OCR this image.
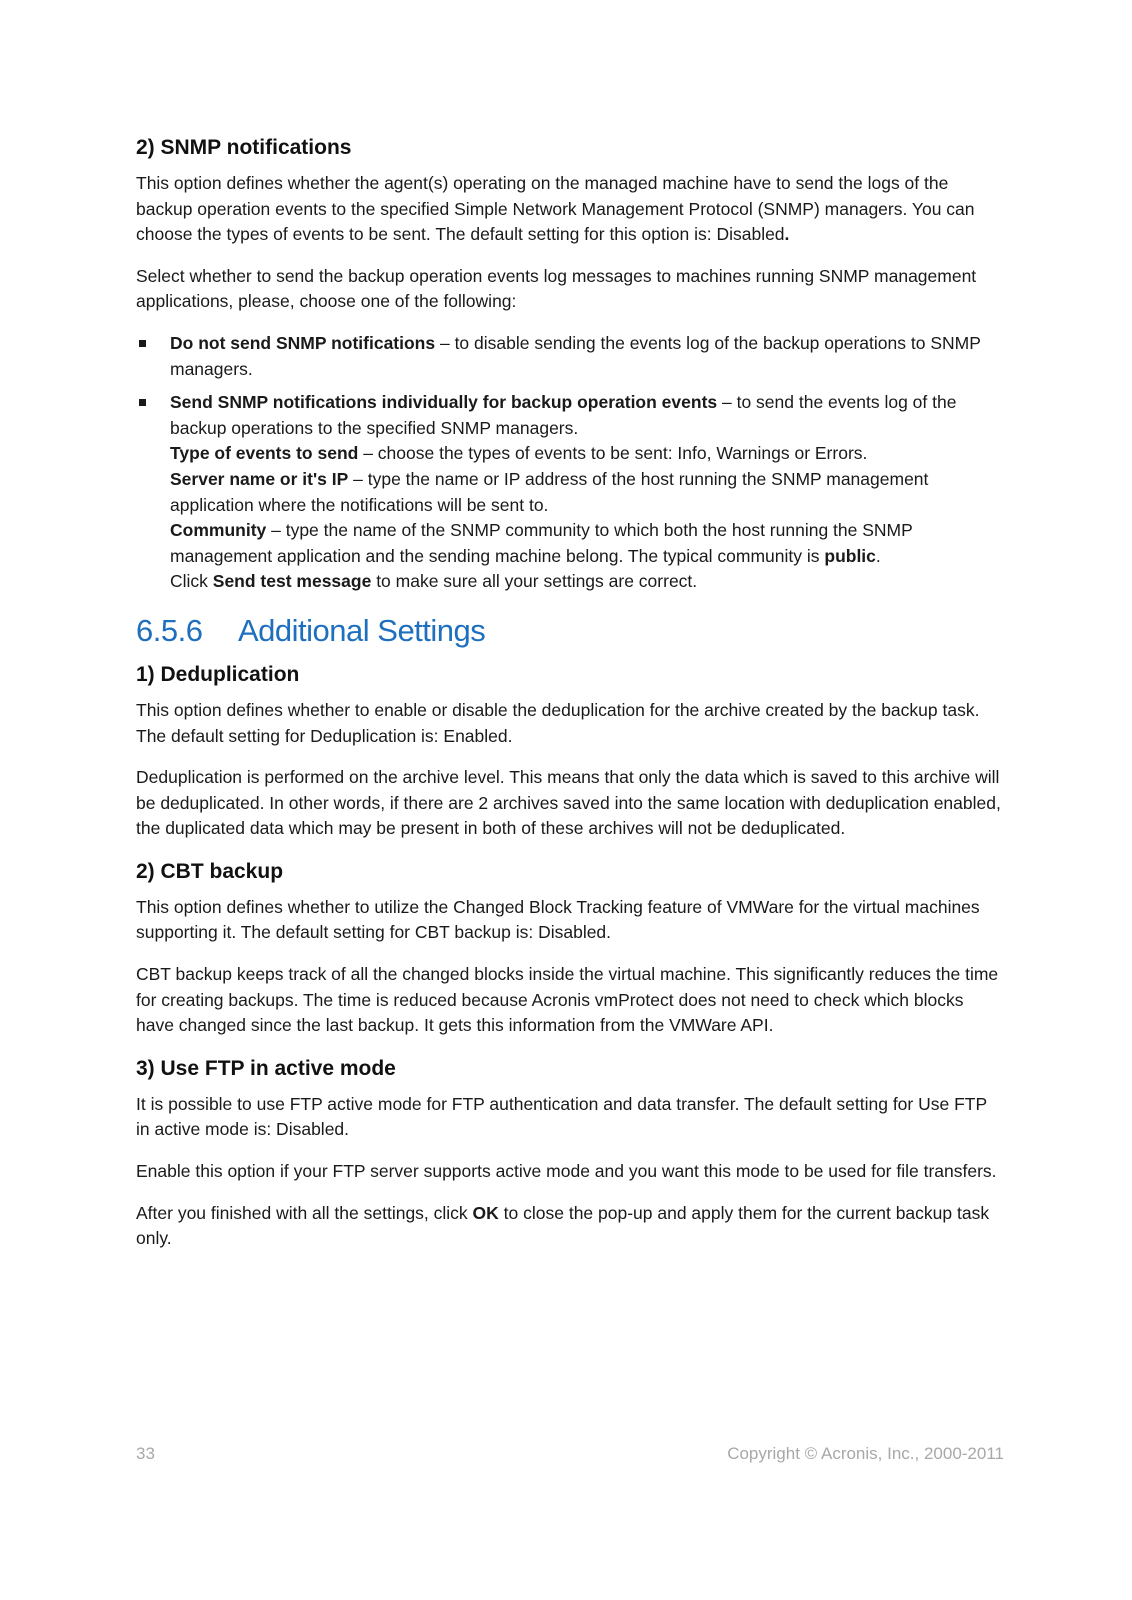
2) SNMP notifications

This option defines whether the agent(s) operating on the managed machine have to send the logs of the backup operation events to the specified Simple Network Management Protocol (SNMP) managers. You can choose the types of events to be sent. The default setting for this option is: Disabled.

Select whether to send the backup operation events log messages to machines running SNMP management applications, please, choose one of the following:

Do not send SNMP notifications – to disable sending the events log of the backup operations to SNMP managers.
Send SNMP notifications individually for backup operation events – to send the events log of the backup operations to the specified SNMP managers.
Type of events to send – choose the types of events to be sent: Info, Warnings or Errors.
Server name or it's IP – type the name or IP address of the host running the SNMP management application where the notifications will be sent to.
Community – type the name of the SNMP community to which both the host running the SNMP management application and the sending machine belong. The typical community is public.
Click Send test message to make sure all your settings are correct.
6.5.6 Additional Settings
1) Deduplication

This option defines whether to enable or disable the deduplication for the archive created by the backup task. The default setting for Deduplication is: Enabled.

Deduplication is performed on the archive level. This means that only the data which is saved to this archive will be deduplicated. In other words, if there are 2 archives saved into the same location with deduplication enabled, the duplicated data which may be present in both of these archives will not be deduplicated.

2) CBT backup

This option defines whether to utilize the Changed Block Tracking feature of VMWare for the virtual machines supporting it. The default setting for CBT backup is: Disabled.

CBT backup keeps track of all the changed blocks inside the virtual machine. This significantly reduces the time for creating backups. The time is reduced because Acronis vmProtect does not need to check which blocks have changed since the last backup. It gets this information from the VMWare API.

3) Use FTP in active mode

It is possible to use FTP active mode for FTP authentication and data transfer. The default setting for Use FTP in active mode is: Disabled.

Enable this option if your FTP server supports active mode and you want this mode to be used for file transfers.

After you finished with all the settings, click OK to close the pop-up and apply them for the current backup task only.

33	Copyright © Acronis, Inc., 2000-2011
